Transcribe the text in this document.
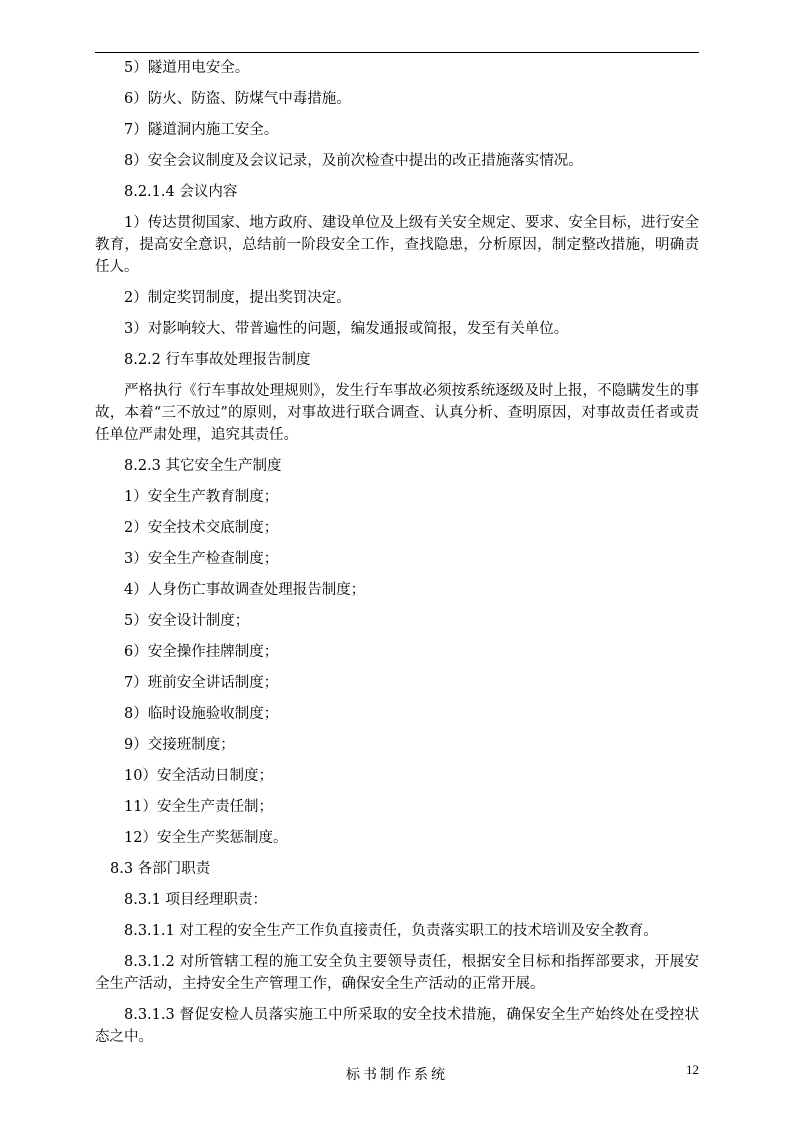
5）隧道用电安全。

6）防火、防盗、防煤气中毒措施。

7）隧道洞内施工安全。

8）安全会议制度及会议记录，及前次检查中提出的改正措施落实情况。

8.2.1.4 会议内容

1）传达贯彻国家、地方政府、建设单位及上级有关安全规定、要求、安全目标，进行安全教育，提高安全意识，总结前一阶段安全工作，查找隐患，分析原因，制定整改措施，明确责任人。

2）制定奖罚制度，提出奖罚决定。

3）对影响较大、带普遍性的问题，编发通报或简报，发至有关单位。

8.2.2 行车事故处理报告制度

严格执行《行车事故处理规则》，发生行车事故必须按系统逐级及时上报，不隐瞒发生的事故，本着“三不放过”的原则，对事故进行联合调查、认真分析、查明原因，对事故责任者或责任单位严肃处理，追究其责任。

8.2.3 其它安全生产制度

1）安全生产教育制度；

2）安全技术交底制度；

3）安全生产检查制度；

4）人身伤亡事故调查处理报告制度；

5）安全设计制度；

6）安全操作挂牌制度；

7）班前安全讲话制度；

8）临时设施验收制度；

9）交接班制度；

10）安全活动日制度；

11）安全生产责任制；

12）安全生产奖惩制度。

8.3 各部门职责

8.3.1 项目经理职责：

8.3.1.1 对工程的安全生产工作负直接责任，负责落实职工的技术培训及安全教育。

8.3.1.2 对所管辖工程的施工安全负主要领导责任，根据安全目标和指挥部要求，开展安全生产活动，主持安全生产管理工作，确保安全生产活动的正常开展。

8.3.1.3 督促安检人员落实施工中所采取的安全技术措施，确保安全生产始终处在受控状态之中。

标书制作系统	12
